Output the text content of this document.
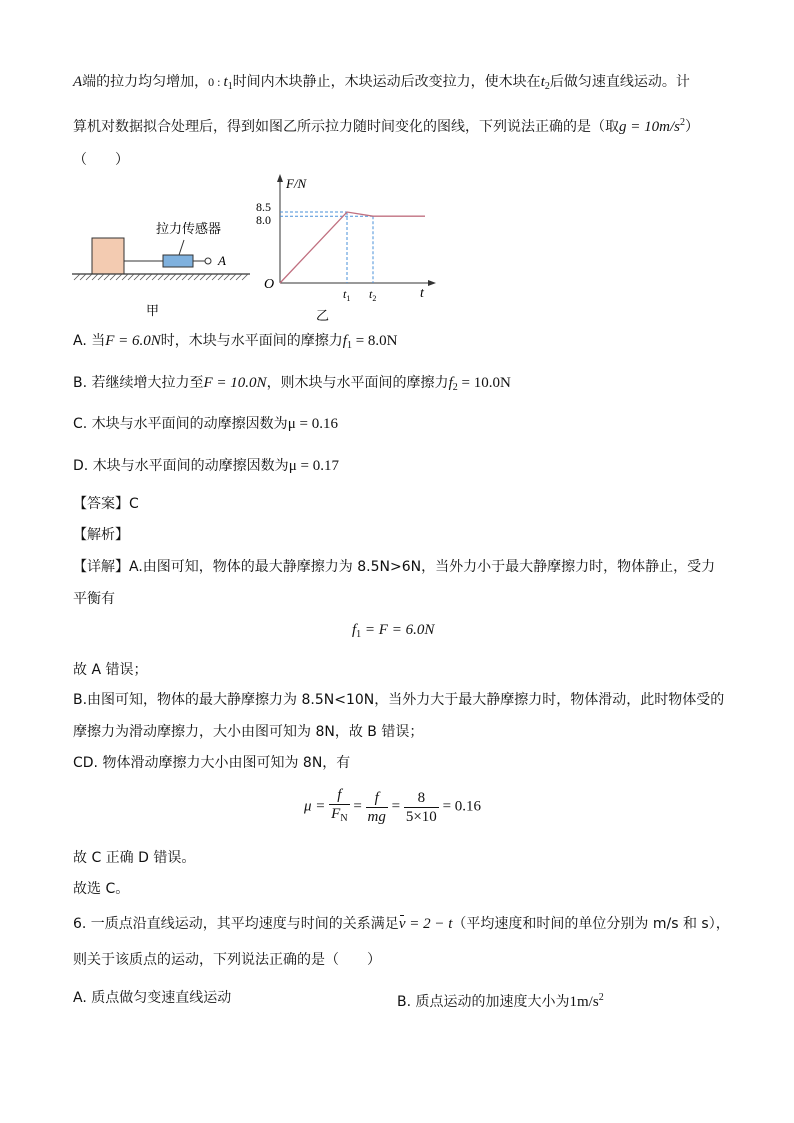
A端的拉力均匀增加，0 : $t_1$时间内木块静止，木块运动后改变拉力，使木块在$t_2$后做匀速直线运动。计
算机对数据拟合处理后，得到如图乙所示拉力随时间变化的图线，下列说法正确的是（取$g = 10m/s^2$）
（　　）
拉力传感器
A
甲
F/N
t
O
8.5
8.0
$t_1$ $t_2$
乙
A. 当F = 6.0N时，木块与水平面间的摩擦力$f_1 = 8.0N$
B. 若继续增大拉力至F = 10.0N，则木块与水平面间的摩擦力$f_2 = 10.0N$
C. 木块与水平面间的动摩擦因数为μ = 0.16
D. 木块与水平面间的动摩擦因数为μ = 0.17
【答案】C
【解析】
【详解】A.由图可知，物体的最大静摩擦力为 8.5N>6N，当外力小于最大静摩擦力时，物体静止，受力
平衡有
$f_1 = F = 6.0N$
故 A 错误；
B.由图可知，物体的最大静摩擦力为 8.5N<10N，当外力大于最大静摩擦力时，物体滑动，此时物体受的
摩擦力为滑动摩擦力，大小由图可知为 8N，故 B 错误；
CD. 物体滑动摩擦力大小由图可知为 8N，有
$\mu = \frac{f}{F_N} = \frac{f}{mg} = \frac{8}{5\times 10} = 0.16$
故 C 正确 D 错误。
故选 C。
6. 一质点沿直线运动，其平均速度与时间的关系满足v = 2 − t（平均速度和时间的单位分别为 m/s 和 s），
则关于该质点的运动，下列说法正确的是（　　）
A. 质点做匀变速直线运动	B. 质点运动的加速度大小为$1m/s^2$
